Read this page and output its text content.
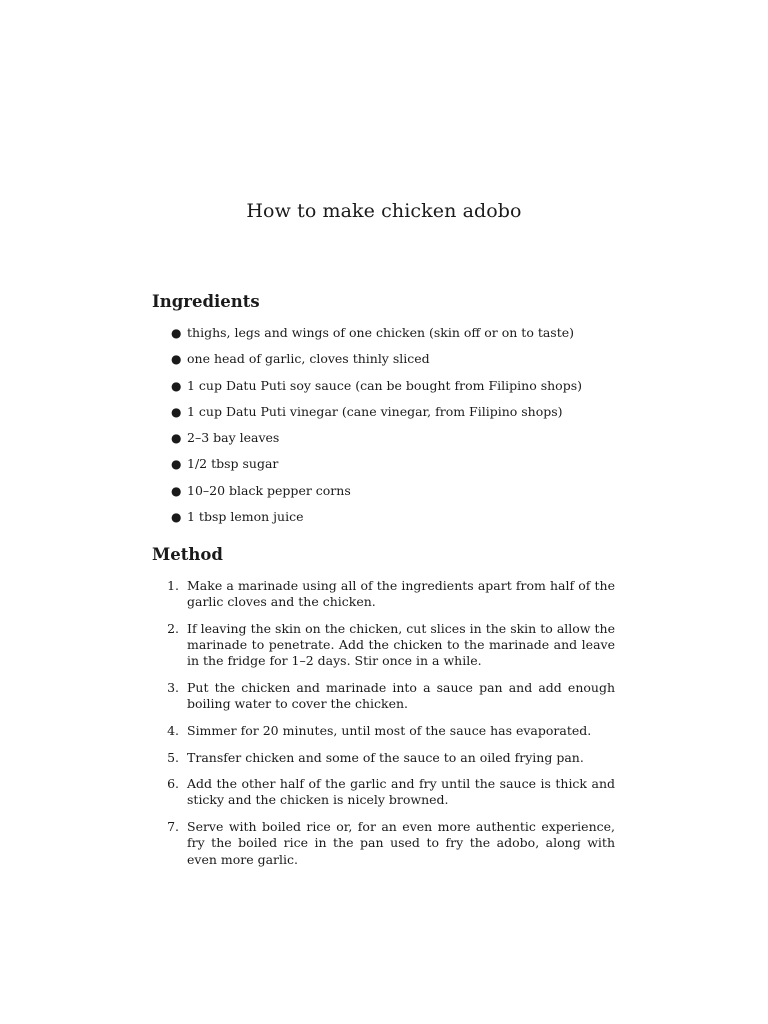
How to make chicken adobo
Ingredients
● thighs, legs and wings of one chicken (skin off or on to taste)
● one head of garlic, cloves thinly sliced
● 1 cup Datu Puti soy sauce (can be bought from Filipino shops)
● 1 cup Datu Puti vinegar (cane vinegar, from Filipino shops)
● 2–3 bay leaves
● 1/2 tbsp sugar
● 10–20 black pepper corns
● 1 tbsp lemon juice
Method
1. Make a marinade using all of the ingredients apart from half of the garlic cloves and the chicken.
2. If leaving the skin on the chicken, cut slices in the skin to allow the marinade to penetrate. Add the chicken to the marinade and leave in the fridge for 1–2 days. Stir once in a while.
3. Put the chicken and marinade into a sauce pan and add enough boiling water to cover the chicken.
4. Simmer for 20 minutes, until most of the sauce has evaporated.
5. Transfer chicken and some of the sauce to an oiled frying pan.
6. Add the other half of the garlic and fry until the sauce is thick and sticky and the chicken is nicely browned.
7. Serve with boiled rice or, for an even more authentic experience, fry the boiled rice in the pan used to fry the adobo, along with even more garlic.
